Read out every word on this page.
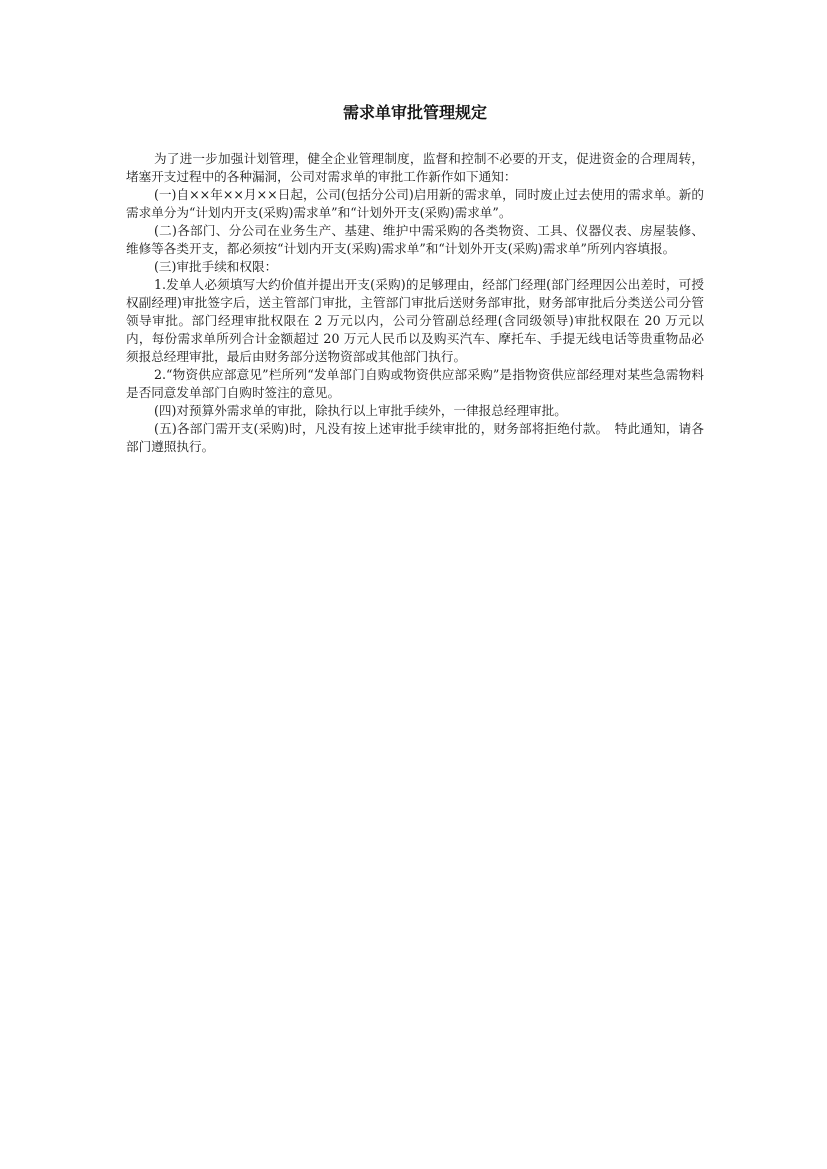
需求单审批管理规定

为了进一步加强计划管理，健全企业管理制度，监督和控制不必要的开支，促进资金的合理周转，堵塞开支过程中的各种漏洞，公司对需求单的审批工作新作如下通知：

(一)自××年××月××日起，公司(包括分公司)启用新的需求单，同时废止过去使用的需求单。新的需求单分为“计划内开支(采购)需求单”和“计划外开支(采购)需求单”。

(二)各部门、分公司在业务生产、基建、维护中需采购的各类物资、工具、仪器仪表、房屋装修、维修等各类开支，都必须按“计划内开支(采购)需求单”和“计划外开支(采购)需求单”所列内容填报。

(三)审批手续和权限：

1.发单人必须填写大约价值并提出开支(采购)的足够理由，经部门经理(部门经理因公出差时，可授权副经理)审批签字后，送主管部门审批，主管部门审批后送财务部审批，财务部审批后分类送公司分管领导审批。部门经理审批权限在 2 万元以内，公司分管副总经理(含同级领导)审批权限在 20 万元以内，每份需求单所列合计金额超过 20 万元人民币以及购买汽车、摩托车、手提无线电话等贵重物品必须报总经理审批，最后由财务部分送物资部或其他部门执行。

2.“物资供应部意见”栏所列“发单部门自购或物资供应部采购”是指物资供应部经理对某些急需物料是否同意发单部门自购时签注的意见。

(四)对预算外需求单的审批，除执行以上审批手续外，一律报总经理审批。

(五)各部门需开支(采购)时，凡没有按上述审批手续审批的，财务部将拒绝付款。　特此通知，请各部门遵照执行。
